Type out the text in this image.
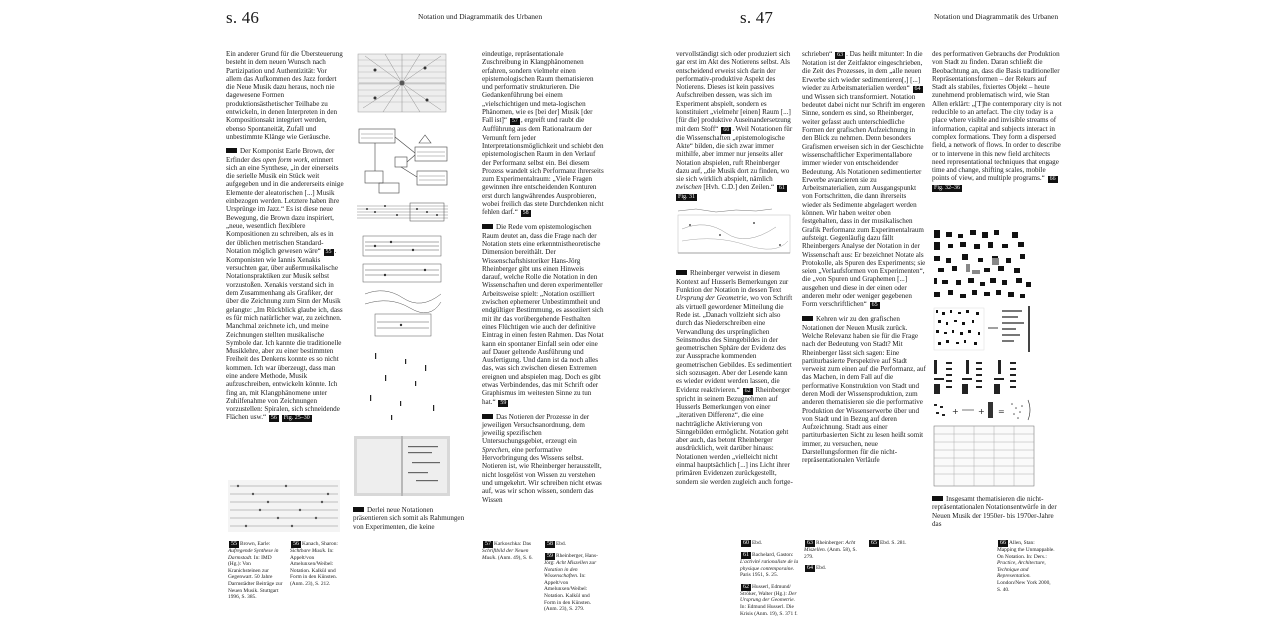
s. 46	Notation und Diagrammatik des Urbanen

Ein anderer Grund für die Übersteuerung besteht in dem neuen Wunsch nach Partizipation und Authentizität: Vor allem das Aufkommen des Jazz fordert die Neue Musik dazu heraus, noch nie dagewesene Formen produktionsästhetischer Teilhabe zu entwickeln, in denen Interpreten in den Kompositionsakt integriert werden, ebenso Spontaneität, Zufall und unbestimmte Klänge wie Geräusche.

Der Komponist Earle Brown, der Erfinder des open form work, erinnert sich an eine Synthese, „in der einerseits die serielle Musik ein Stück weit aufgegeben und in die andererseits einige Elemente der aleatorischen [...] Musik einbezogen werden. Letztere haben ihre Ursprünge im Jazz.“ Es ist diese neue Bewegung, die Brown dazu inspiriert, „neue, wesentlich flexiblere Kompositionen zu schreiben, als es in der üblichen metrischen Standard-Notation möglich gewesen wäre“ 55 . Komponisten wie Iannis Xenakis versuchten gar, über außermusikalische Notationspraktiken zur Musik selbst vorzustoßen. Xenakis verstand sich in dem Zusammenhang als Grafiker, der über die Zeichnung zum Sinn der Musik gelangte: „Im Rückblick glaube ich, dass es für mich natürlicher war, zu zeichnen. Manchmal zeichnete ich, und meine Zeichnungen stellten musikalische Symbole dar. Ich kannte die traditionelle Musiklehre, aber zu einer bestimmten Freiheit des Denkens konnte es so nicht kommen. Ich war überzeugt, dass man eine andere Methode, Musik aufzuschreiben, entwickeln könnte. Ich fing an, mit Klangphänomene unter Zuhilfenahme von Zeichnungen vorzustellen: Spiralen, sich schneidende Flächen usw.“ 56 Fig. 25–30

Derlei neue Notationen präsentieren sich somit als Rahmungen von Experimenten, die keine

eindeutige, repräsentationale Zuschreibung in Klangphänomenen erfahren, sondern vielmehr einen epistemologischen Raum thematisieren und performativ strukturieren. Die Gedankenführung bei einem „vielschichtigen und meta-logischen Phänomen, wie es [bei der] Musik [der Fall ist]“ 57 , ergreift und raubt die Aufführung aus dem Rationalraum der Vernunft fern jeder Interpretationsmöglichkeit und schiebt den epistemologischen Raum in den Verlauf der Performanz selbst ein. Bei diesem Prozess wandelt sich Performanz ihrerseits zum Experimentalraum: „Viele Fragen gewinnen ihre entscheidenden Konturen erst durch langwährendes Ausprobieren, wobei freilich das stete Durchdenken nicht fehlen darf.“ 58

Die Rede vom epistemologischen Raum deutet an, dass die Frage nach der Notation stets eine erkenntnistheoretische Dimension bereithält. Der Wissenschaftshistoriker Hans-Jörg Rheinberger gibt uns einen Hinweis darauf, welche Rolle die Notation in den Wissenschaften und deren experimenteller Arbeitsweise spielt: „Notation oszilliert zwischen ephemerer Unbestimmtheit und endgültiger Bestimmung, es assoziiert sich mit ihr das vorübergehende Festhalten eines Flüchtigen wie auch der definitive Eintrag in einen festen Rahmen. Das Notat kann ein spontaner Einfall sein oder eine auf Dauer geltende Ausführung und Ausfertigung. Und dann ist da noch alles das, was sich zwischen diesen Extremen ereignen und abspielen mag. Doch es gibt etwas Verbindendes, das mit Schrift oder Graphismus im weitesten Sinne zu tun hat.“ 59

Das Notieren der Prozesse in der jeweiligen Versuchsanordnung, dem jeweilig spezifischen Untersuchungsgebiet, erzeugt ein Sprechen, eine performative Hervorbringung des Wissens selbst. Notieren ist, wie Rheinberger herausstellt, nicht losgelöst von Wissen zu verstehen und umgekehrt. Wir schreiben nicht etwas auf, was wir schon wissen, sondern das Wissen

55 Brown, Earle: Aufregende Synthese in Darmstadt. In: IMD (Hg.): Von Kranichsteinen zur Gegenwart. 50 Jahre Darmstädter Beiträge zur Neuen Musik. Stuttgart 1996, S. 385.
56 Kanach, Sharon: Sichtbare Musik. In: Appelt/von Amelunxen/Weibel: Notation. Kalkül und Form in den Künsten. (Anm. 23), S. 212.
57 Karkoschka: Das Schriftbild der Neuen Musik. (Anm. 49), S. 6.
58 Ebd.
59 Rheinberger, Hans-Jörg: Acht Miszellen zur Notation in den Wissenschaften. In: Appelt/von Amelunxen/Weibel: Notation. Kalkül und Form in den Künsten. (Anm. 23), S. 279.
s. 47	Notation und Diagrammatik des Urbanen

vervollständigt sich oder produziert sich gar erst im Akt des Notierens selbst. Als entscheidend erweist sich darin der performativ-produktive Aspekt des Notierens. Dieses ist kein passives Aufschreiben dessen, was sich im Experiment abspielt, sondern es konstituiert „vielmehr [einen] Raum [...] [für die] produktive Auseinandersetzung mit dem Stoff“ 60 . Weil Notationen für die Wissenschaften „epistemologische Akte“ bilden, die sich zwar immer mithilfe, aber immer nur jenseits aller Notation abspielen, ruft Rheinberger dazu auf, „die Musik dort zu finden, wo sie sich wirklich abspielt, nämlich zwischen [Hvh. C.D.] den Zeilen.“ 61 Fig. 31

Rheinberger verweist in diesem Kontext auf Husserls Bemerkungen zur Funktion der Notation in dessen Text Ursprung der Geometrie, wo von Schrift als virtuell gewordener Mitteilung die Rede ist. „Danach vollzieht sich also durch das Niederschreiben eine Verwandlung des ursprünglichen Seinsmodus des Sinngebildes in der geometrischen Sphäre der Evidenz des zur Aussprache kommenden geometrischen Gebildes. Es sedimentiert sich sozusagen. Aber der Lesende kann es wieder evident werden lassen, die Evidenz reaktivieren.“ 62 Rheinberger spricht in seinem Bezugnehmen auf Husserls Bemerkungen von einer „iterativen Differenz“, die eine nachträgliche Aktivierung von Sinngebilden ermöglicht. Notation geht aber auch, das betont Rheinberger ausdrücklich, weit darüber hinaus: Notationen werden „vielleicht nicht einmal hauptsächlich [...] ins Licht ihrer primären Evidenzen zurückgestellt, sondern sie werden zugleich auch fortge-

schrieben“ 63 . Das heißt mitunter: In die Notation ist der Zeitfaktor eingeschrieben, die Zeit des Prozesses, in dem „alle neuen Erwerbe sich wieder sedimentieren[,] [...] wieder zu Arbeitsmaterialien werden“ 64 und Wissen sich transformiert. Notation bedeutet dabei nicht nur Schrift im engeren Sinne, sondern es sind, so Rheinberger, weiter gefasst auch unterschiedliche Formen der grafischen Aufzeichnung in den Blick zu nehmen. Denn besonders Grafismen erweisen sich in der Geschichte wissenschaftlicher Experimentallabore immer wieder von entscheidender Bedeutung. Als Notationen sedimentierter Erwerbe avancieren sie zu Arbeitsmaterialien, zum Ausgangspunkt von Fortschritten, die dann ihrerseits wieder als Sedimente abgelagert werden können. Wir haben weiter oben festgehalten, dass in der musikalischen Grafik Performanz zum Experimentalraum aufsteigt. Gegenläufig dazu fällt Rheinbergers Analyse der Notation in der Wissenschaft aus: Er bezeichnet Notate als Protokolle, als Spuren des Experiments; sie seien „Verlaufsformen von Experimenten“, die „von Spuren und Graphemen [...] ausgehen und diese in der einen oder anderen mehr oder weniger gegebenen Form verschriftlichen“ 65

Kehren wir zu den grafischen Notationen der Neuen Musik zurück. Welche Relevanz haben sie für die Frage nach der Bedeutung von Stadt? Mit Rheinberger lässt sich sagen: Eine partiturbasierte Perspektive auf Stadt verweist zum einen auf die Performanz, auf das Machen, in dem Fall auf die performative Konstruktion von Stadt und deren Modi der Wissensproduktion, zum anderen thematisieren sie die performative Produktion der Wissenserwerbe über und von Stadt und in Bezug auf deren Aufzeichnung. Stadt aus einer partiturbasierten Sicht zu lesen heißt somit immer, zu versuchen, neue Darstellungsformen für die nicht-repräsentationalen Verläufe

des performativen Gebrauchs der Produktion von Stadt zu finden. Daran schließt die Beobachtung an, dass die Basis traditioneller Repräsentationsformen – der Rekurs auf Stadt als stabiles, fixiertes Objekt – heute zunehmend problematisch wird, wie Stan Allen erklärt: „[T]he contemporary city is not reducible to an artefact. The city today is a place where visible and invisible streams of information, capital and subjects interact in complex formations. They form a dispersed field, a network of flows. In order to describe or to intervene in this new field architects need representational techniques that engage time and change, shifting scales, mobile points of view, and multiple programs.“ 66 Fig. 32–36

+ + =

Insgesamt thematisieren die nicht-repräsentationalen Notationsentwürfe in der Neuen Musik der 1950er- bis 1970er-Jahre das

60 Ebd.
61 Bachelard, Gaston: L'activité rationaliste de la physique contemporaine. Paris 1951, S. 25.
62 Husserl, Edmund/ Ströker, Walter (Hg.): Der Ursprung der Geometrie. In: Edmund Husserl. Die Krisis (Anm. 19), S. 371 f.
63 Rheinberger: Acht Miszellen. (Anm. 58), S. 279.
64 Ebd.
65 Ebd. S. 281.	66 Allen, Stan: Mapping the Unmappable. On Notation. In: Ders.: Practice, Architecture, Technique and Representation. London/New York 2000, S. 40.
